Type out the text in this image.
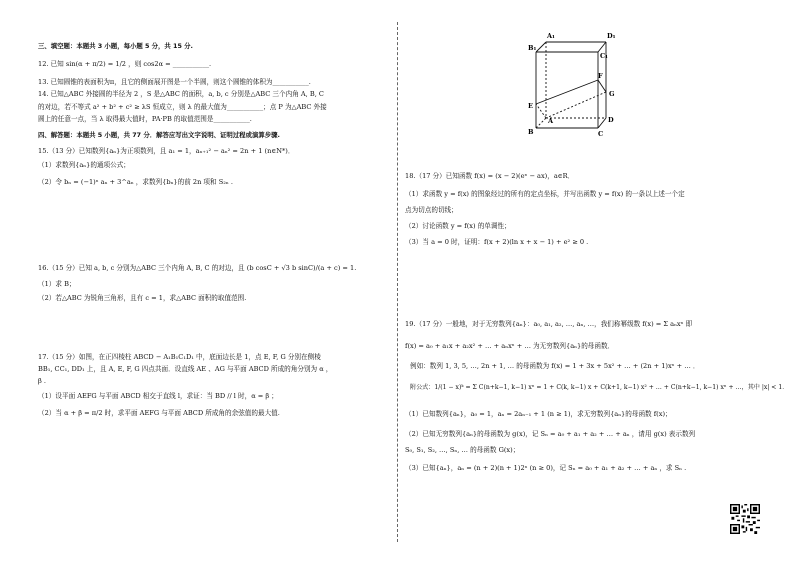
三、填空题：本题共 3 小题，每小题 5 分，共 15 分.

12. 已知 sin(α + π/2) = 1/2 ，则 cos2α = ___________.

13. 已知圆锥的表面积为π，且它的侧面展开图是一个半圆，则这个圆锥的体积为___________.

14. 已知△ABC 外接圆的半径为 2 ，S 是△ABC 的面积，a, b, c 分别是△ABC 三个内角 A, B, C

的对边，若不等式 a² + b² + c² ≥ λS 恒成立，则 λ 的最大值为___________；点 P 为△ABC 外接

圆上的任意一点，当 λ 取得最大值时，PA·PB 的取值范围是___________.

四、解答题：本题共 5 小题，共 77 分．解答应写出文字说明、证明过程或演算步骤.

15.（13 分）已知数列{aₙ}为正项数列，且 a₁ = 1，aₙ₊₁² − aₙ² = 2n + 1 (n∈N*)．

（1）求数列{aₙ}的通项公式；

（2）令 bₙ = (−1)ⁿ aₙ + 3^aₙ ，求数列{bₙ}的前 2n 项和 S₂ₙ .

16.（15 分）已知 a, b, c 分别为△ABC 三个内角 A, B, C 的对边，且 (b cosC + √3 b sinC)/(a + c) = 1.

（1）求 B；

（2）若△ABC 为锐角三角形，且有 c = 1，求△ABC 面积的取值范围.

17.（15 分）如图，在正四棱柱 ABCD − A₁B₁C₁D₁ 中，底面边长是 1，点 E, F, G 分别在侧棱

BB₁, CC₁, DD₁ 上，且 A, E, F, G 四点共面．设直线 AE 、AG 与平面 ABCD 所成的角分别为 α ，

β .

（1）设平面 AEFG 与平面 ABCD 相交于直线 l，求证：当 BD // l 时，α = β ；

（2）当 α + β = π/2 时，求平面 AEFG 与平面 ABCD 所成角的余弦值的最大值.

A₁	D₁
B₁
C₁
F
G
E
D
A
B	C
18.（17 分）已知函数 f(x) = (x − 2)(eˣ − ax)，a∈R．
（1）求函数 y = f(x) 的图象经过的所有的定点坐标，并写出函数 y = f(x) 的一条以上述一个定
点为切点的切线；
（2）讨论函数 y = f(x) 的单调性；
（3）当 a = 0 时，证明：f(x + 2)(ln x + x − 1) + e² ≥ 0 .
19.（17 分）一般地，对于无穷数列{aₙ}：a₀, a₁, a₂, …, aₙ, …，我们称幂级数 f(x) = Σ aₙxⁿ 即
f(x) = a₀ + a₁x + a₂x² + … + aₙxⁿ + … 为无穷数列{aₙ}的母函数．
例如：数列 1, 3, 5, …, 2n + 1, … 的母函数为 f(x) = 1 + 3x + 5x² + … + (2n + 1)xⁿ + … ．
附公式：1/(1 − x)ᵏ = Σ C(n+k−1, k−1) xⁿ = 1 + C(k, k−1) x + C(k+1, k−1) x² + … + C(n+k−1, k−1) xⁿ + …，其中 |x| < 1．
（1）已知数列{aₙ}，a₀ = 1，aₙ = 2aₙ₋₁ + 1 (n ≥ 1)，求无穷数列{aₙ}的母函数 f(x)；
（2）已知无穷数列{aₙ}的母函数为 g(x)，记 Sₙ = a₀ + a₁ + a₂ + … + aₙ ，请用 g(x) 表示数列
S₀, S₁, S₂, …, Sₙ, … 的母函数 G(x)；
（3）已知{aₙ}，aₙ = (n + 2)(n + 1)2ⁿ (n ≥ 0)，记 Sₙ = a₀ + a₁ + a₂ + … + aₙ ，求 Sₙ .
